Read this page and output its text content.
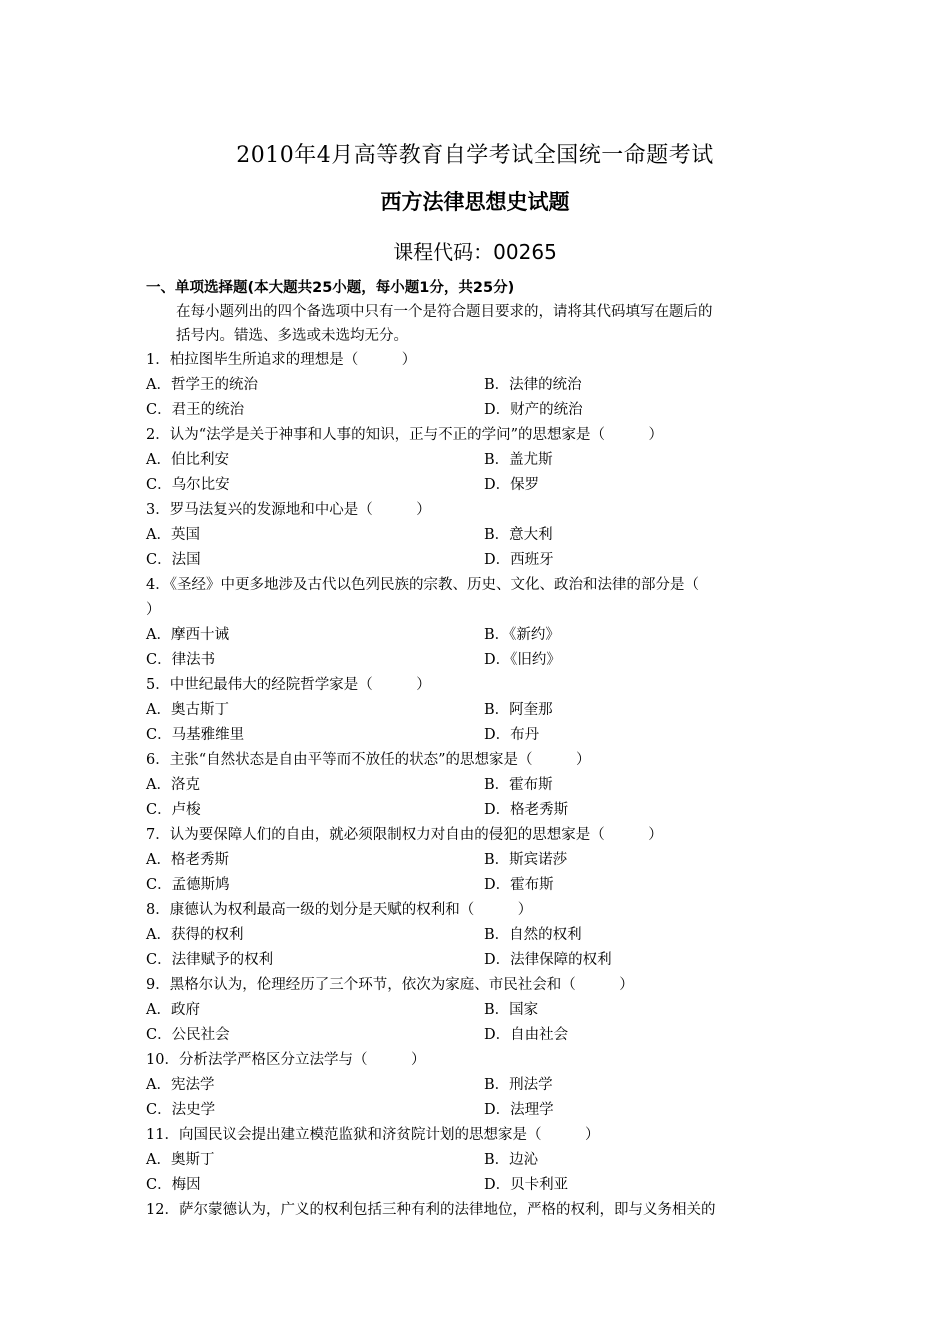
2010年4月高等教育自学考试全国统一命题考试
西方法律思想史试题
课程代码：00265
一、单项选择题(本大题共25小题，每小题1分，共25分)
在每小题列出的四个备选项中只有一个是符合题目要求的，请将其代码填写在题后的
括号内。错选、多选或未选均无分。
1．柏拉图毕生所追求的理想是（　　　）
A．哲学王的统治	B．法律的统治
C．君王的统治	D．财产的统治
2．认为“法学是关于神事和人事的知识，正与不正的学问”的思想家是（　　　）
A．伯比利安	B．盖尤斯
C．乌尔比安	D．保罗
3．罗马法复兴的发源地和中心是（　　　）
A．英国	B．意大利
C．法国	D．西班牙
4．《圣经》中更多地涉及古代以色列民族的宗教、历史、文化、政治和法律的部分是（
）
A．摩西十诫	B．《新约》
C．律法书	D．《旧约》
5．中世纪最伟大的经院哲学家是（　　　）
A．奥古斯丁	B．阿奎那
C．马基雅维里	D．布丹
6．主张“自然状态是自由平等而不放任的状态”的思想家是（　　　）
A．洛克	B．霍布斯
C．卢梭	D．格老秀斯
7．认为要保障人们的自由，就必须限制权力对自由的侵犯的思想家是（　　　）
A．格老秀斯	B．斯宾诺莎
C．孟德斯鸠	D．霍布斯
8．康德认为权利最高一级的划分是天赋的权利和（　　　）
A．获得的权利	B．自然的权利
C．法律赋予的权利	D．法律保障的权利
9．黑格尔认为，伦理经历了三个环节，依次为家庭、市民社会和（　　　）
A．政府	B．国家
C．公民社会	D．自由社会
10．分析法学严格区分立法学与（　　　）
A．宪法学	B．刑法学
C．法史学	D．法理学
11．向国民议会提出建立模范监狱和济贫院计划的思想家是（　　　）
A．奥斯丁	B．边沁
C．梅因	D．贝卡利亚
12．萨尔蒙德认为，广义的权利包括三种有利的法律地位，严格的权利，即与义务相关的
